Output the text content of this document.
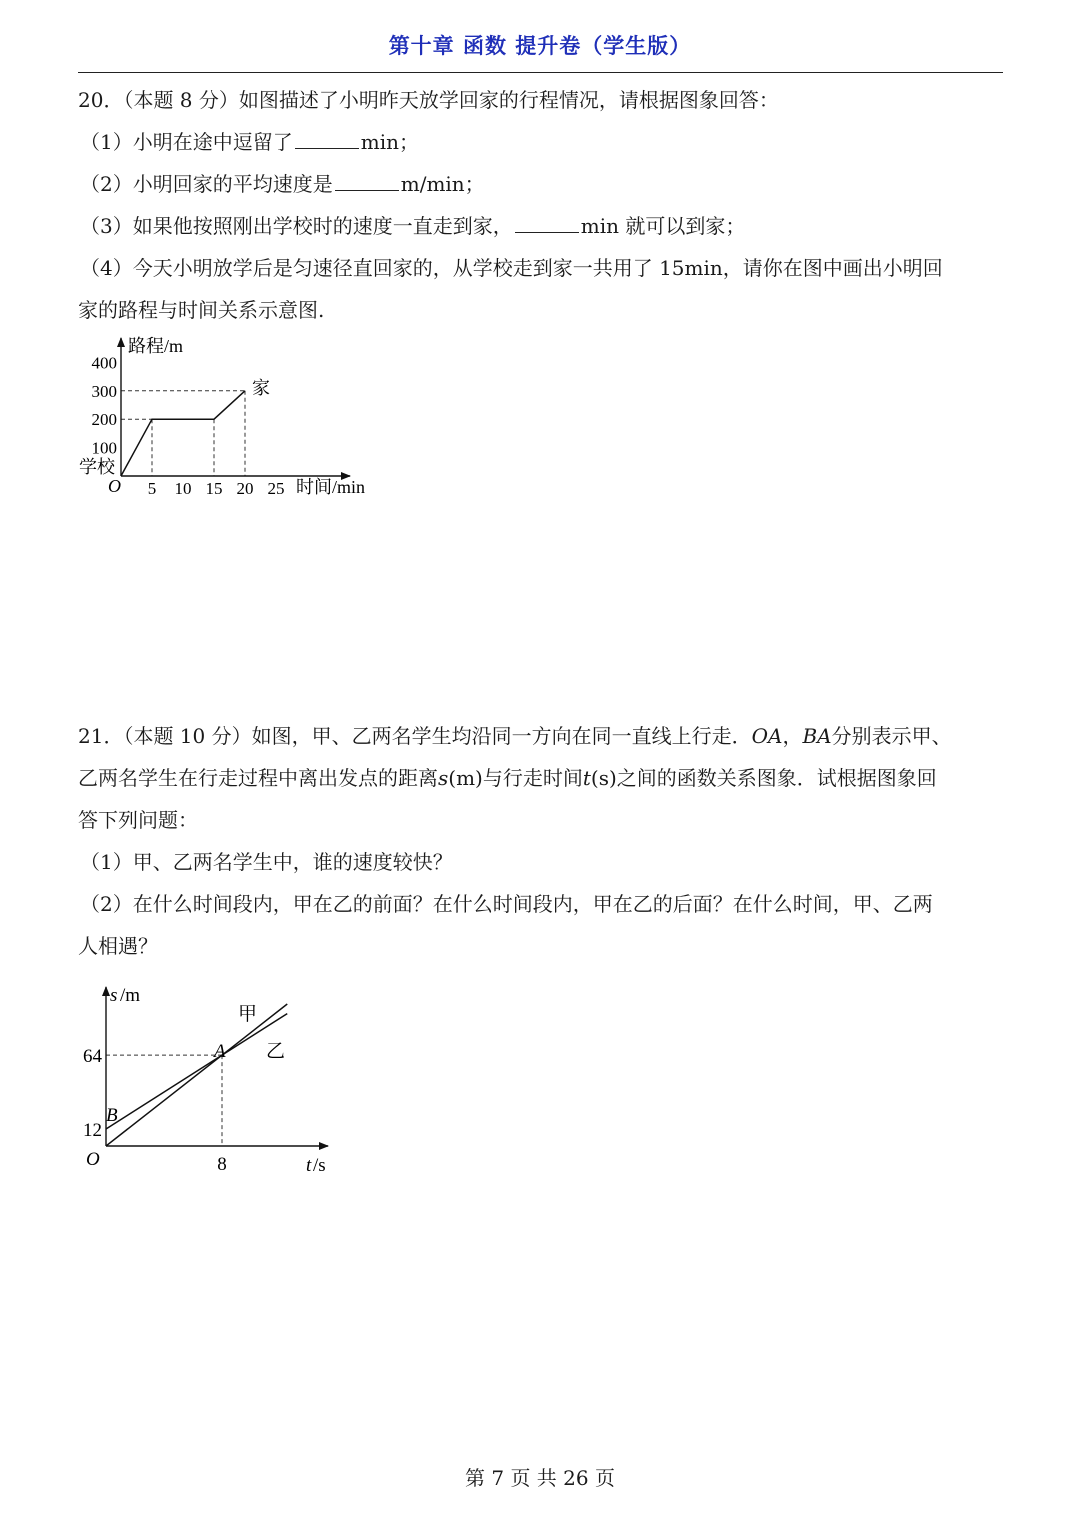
第十章 函数 提升卷（学生版）
20．（本题 8 分）如图描述了小明昨天放学回家的行程情况，请根据图象回答：
（1）小明在途中逗留了	min；
（2）小明回家的平均速度是	m/min；
（3）如果他按照刚出学校时的速度一直走到家，	min 就可以到家；
（4）今天小明放学后是匀速径直回家的，从学校走到家一共用了 15min，请你在图中画出小明回
家的路程与时间关系示意图.
5 10 15 20 25
100
200
300
400
路程/m
时间/min
O
学校
家
21．（本题 10 分）如图，甲、乙两名学生均沿同一方向在同一直线上行走．OA，BA分别表示甲、
乙两名学生在行走过程中离出发点的距离s(m)与行走时间t(s)之间的函数关系图象．试根据图象回
答下列问题：
（1）甲、乙两名学生中，谁的速度较快？
（2）在什么时间段内，甲在乙的前面？在什么时间段内，甲在乙的后面？在什么时间，甲、乙两
人相遇？
8
12
64
s /m
t /s
O
A
B
甲
乙
第 7 页 共 26 页
